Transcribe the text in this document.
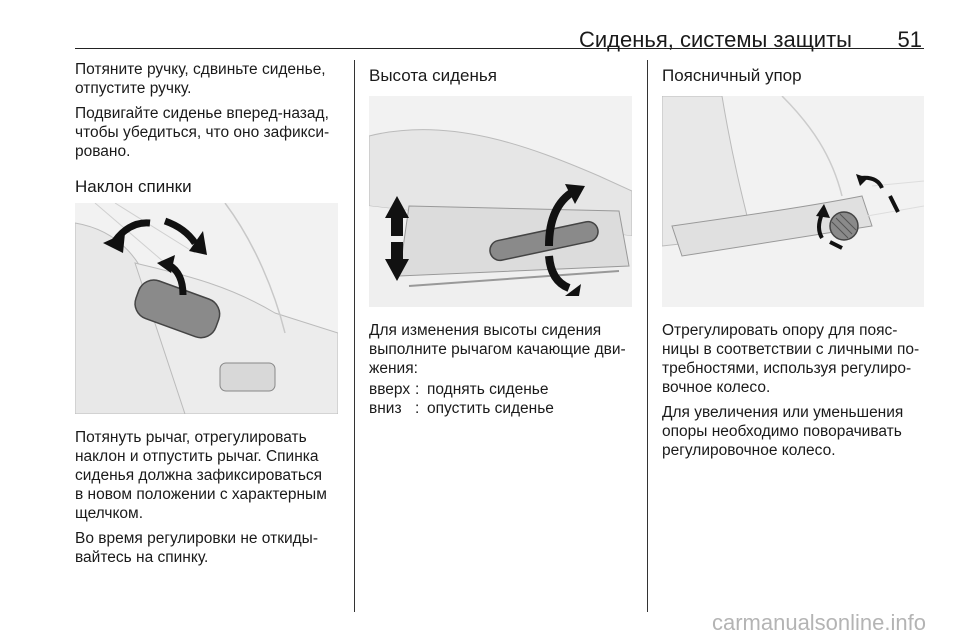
Сиденья, системы защиты 51

Потяните ручку, сдвиньте сиденье,
отпустите ручку.

Подвигайте сиденье вперед-назад,
чтобы убедиться, что оно зафикси-
ровано.

Наклон спинки

Потянуть рычаг, отрегулировать
наклон и отпустить рычаг. Спинка
сиденья должна зафиксироваться
в новом положении с характерным
щелчком.

Во время регулировки не откиды-
вайтесь на спинку.

Высота сиденья

Для изменения высоты сидения
выполните рычагом качающие дви-
жения:

вверх : поднять сиденье
вниз : опустить сиденье
Поясничный упор

Отрегулировать опору для пояс-
ницы в соответствии с личными по-
требностями, используя регулиро-
вочное колесо.

Для увеличения или уменьшения
опоры необходимо поворачивать
регулировочное колесо.

carmanualsonline.info
